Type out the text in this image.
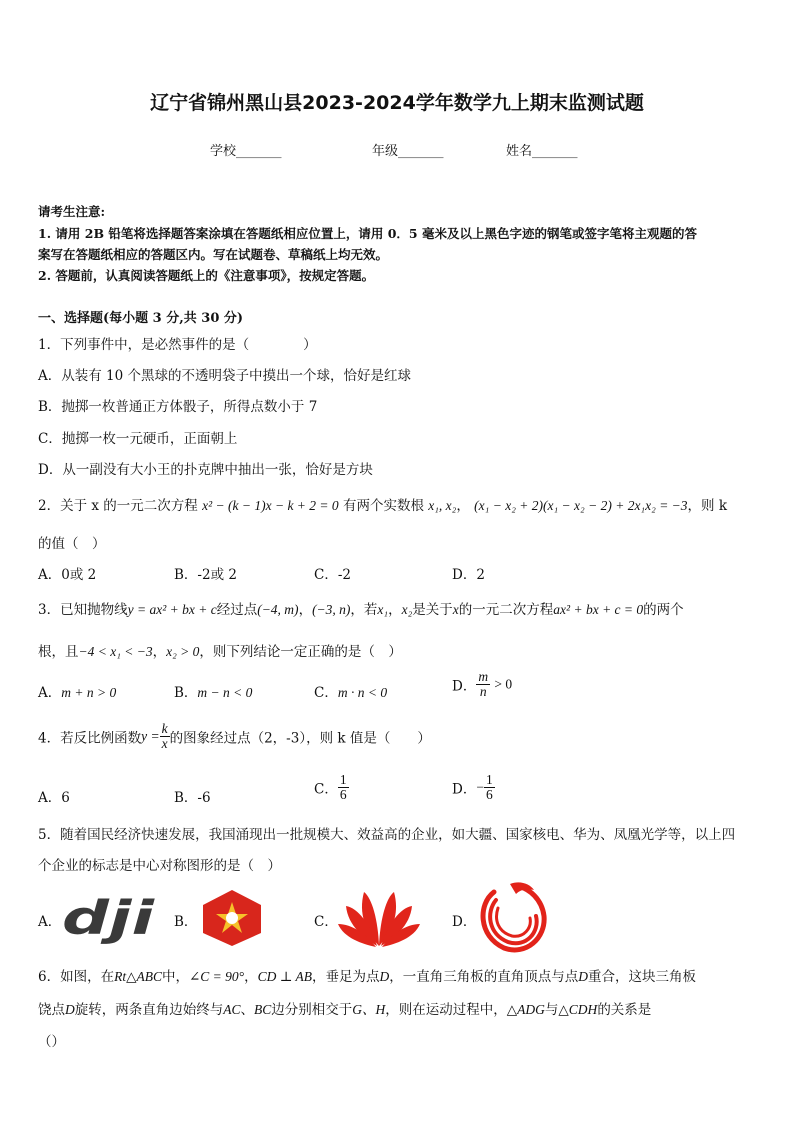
辽宁省锦州黑山县2023-2024学年数学九上期末监测试题
学校_______	年级_______	姓名_______
请考生注意:
1. 请用 2B 铅笔将选择题答案涂填在答题纸相应位置上，请用 0．5 毫米及以上黑色字迹的钢笔或签字笔将主观题的答
案写在答题纸相应的答题区内。写在试题卷、草稿纸上均无效。
2. 答题前，认真阅读答题纸上的《注意事项》，按规定答题。
一、选择题(每小题 3 分,共 30 分)
1．下列事件中，是必然事件的是（　　　　）
A．从装有 10 个黑球的不透明袋子中摸出一个球，恰好是红球
B．抛掷一枚普通正方体骰子，所得点数小于 7
C．抛掷一枚一元硬币，正面朝上
D．从一副没有大小王的扑克牌中抽出一张，恰好是方块
2．关于 x 的一元二次方程 x² − (k − 1)x − k + 2 = 0 有两个实数根 x₁, x₂， (x₁ − x₂ + 2)(x₁ − x₂ − 2) + 2x₁x₂ = −3，则 k
的值（　）
A．0或 2	B．-2或 2	C．-2	D．2
3．已知抛物线y = ax² + bx + c经过点(−4, m)，(−3, n)，若x₁，x₂是关于x的一元二次方程ax² + bx + c = 0的两个
根，且−4 < x₁ < −3，x₂ > 0，则下列结论一定正确的是（　）
A．m + n > 0	B．m − n < 0	C．m · n < 0	D． $\frac{m}{n} > 0$
4．若反比例函数$y = \frac{k}{x}$ 的图象经过点（2，-3），则 k 值是（　　）
A．6	B．-6
C． $\frac{1}{6}$	D．− $\frac{1}{6}$
5．随着国民经济快速发展，我国涌现出一批规模大、效益高的企业，如大疆、国家核电、华为、凤凰光学等，以上四
个企业的标志是中心对称图形的是（　）
A． dji B．	C．	D．
6．如图，在Rt△ABC中，∠C = 90°，CD ⊥ AB，垂足为点D，一直角三角板的直角顶点与点D重合，这块三角板
饶点D旋转，两条直角边始终与AC、BC边分别相交于G、H，则在运动过程中，△ADG与△CDH的关系是
（）
